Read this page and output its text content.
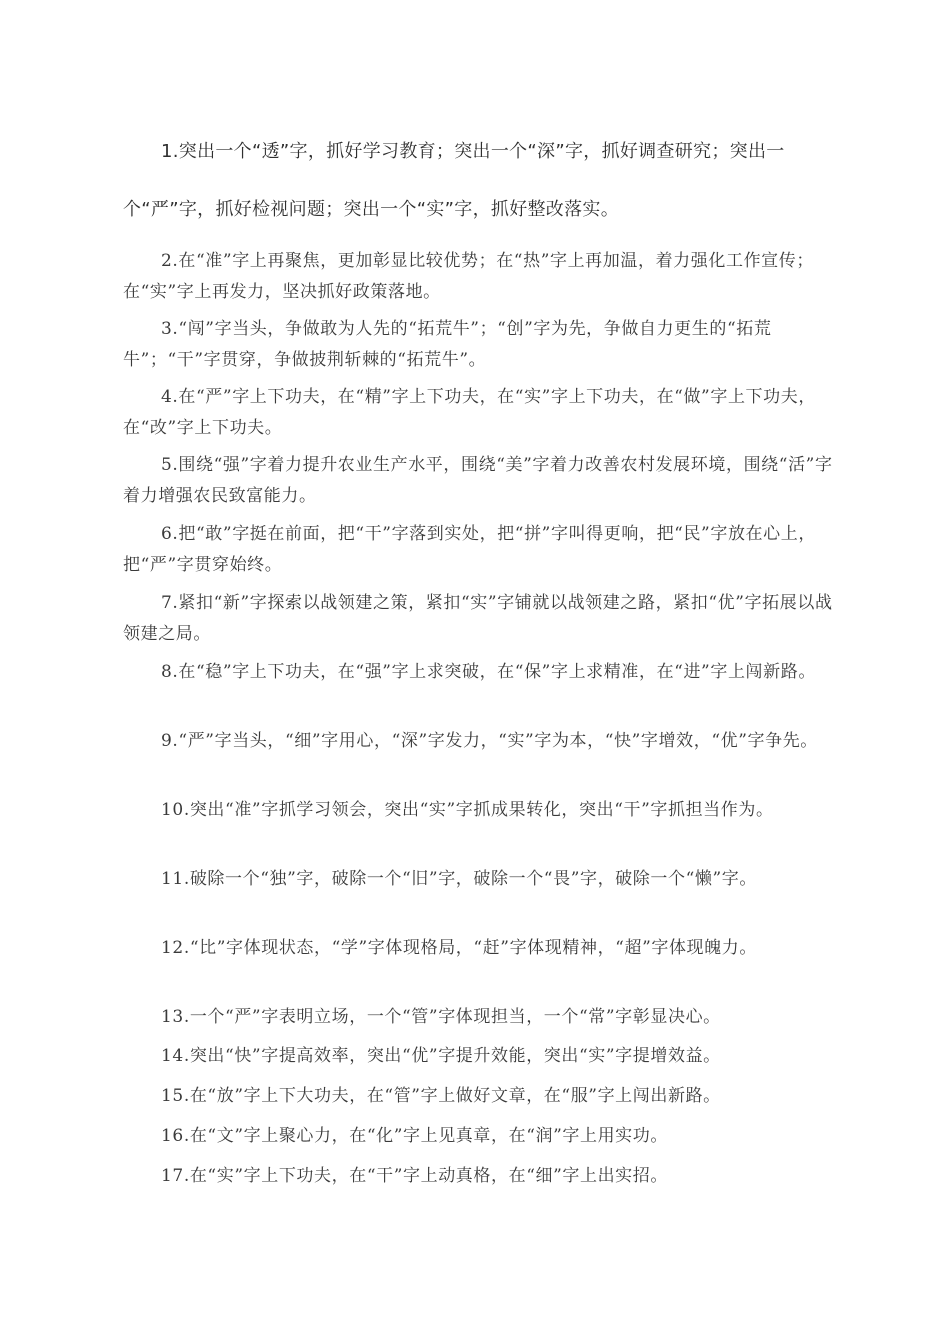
1.突出一个“透”字，抓好学习教育；突出一个“深”字，抓好调查研究；突出一个“严”字，抓好检视问题；突出一个“实”字，抓好整改落实。

2.在“准”字上再聚焦，更加彰显比较优势；在“热”字上再加温，着力强化工作宣传；在“实”字上再发力，坚决抓好政策落地。

3.“闯”字当头，争做敢为人先的“拓荒牛”；“创”字为先，争做自力更生的“拓荒牛”；“干”字贯穿，争做披荆斩棘的“拓荒牛”。

4.在“严”字上下功夫，在“精”字上下功夫，在“实”字上下功夫，在“做”字上下功夫，在“改”字上下功夫。

5.围绕“强”字着力提升农业生产水平，围绕“美”字着力改善农村发展环境，围绕“活”字着力增强农民致富能力。

6.把“敢”字挺在前面，把“干”字落到实处，把“拼”字叫得更响，把“民”字放在心上，把“严”字贯穿始终。

7.紧扣“新”字探索以战领建之策，紧扣“实”字铺就以战领建之路，紧扣“优”字拓展以战领建之局。

8.在“稳”字上下功夫，在“强”字上求突破，在“保”字上求精准，在“进”字上闯新路。

9.“严”字当头，“细”字用心，“深”字发力，“实”字为本，“快”字增效，“优”字争先。

10.突出“准”字抓学习领会，突出“实”字抓成果转化，突出“干”字抓担当作为。

11.破除一个“独”字，破除一个“旧”字，破除一个“畏”字，破除一个“懒”字。

12.“比”字体现状态，“学”字体现格局，“赶”字体现精神，“超”字体现魄力。

13.一个“严”字表明立场，一个“管”字体现担当，一个“常”字彰显决心。

14.突出“快”字提高效率，突出“优”字提升效能，突出“实”字提增效益。

15.在“放”字上下大功夫，在“管”字上做好文章，在“服”字上闯出新路。

16.在“文”字上聚心力，在“化”字上见真章，在“润”字上用实功。

17.在“实”字上下功夫，在“干”字上动真格，在“细”字上出实招。
